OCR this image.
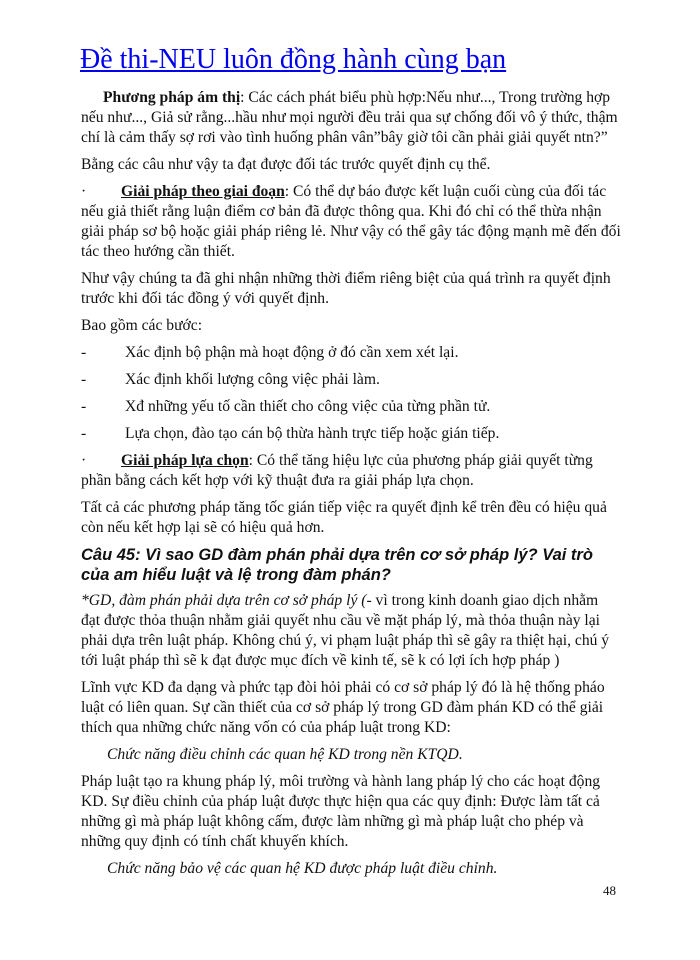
Đề thi-NEU luôn đồng hành cùng bạn

Phương pháp ám thị: Các cách phát biểu phù hợp:Nếu như..., Trong trường hợp nếu như..., Giả sử rằng...hầu như mọi người đều trải qua sự chống đối vô ý thức, thậm chí là cảm thấy sợ rơi vào tình huống phân vân”bây giờ tôi cần phải giải quyết ntn?”

Bằng các câu như vậy ta đạt được đối tác trước quyết định cụ thể.

· Giải pháp theo giai đoạn: Có thể dự báo được kết luận cuối cùng của đối tác nếu giả thiết rằng luận điểm cơ bản đã được thông qua. Khi đó chỉ có thể thừa nhận giải pháp sơ bộ hoặc giải pháp riêng lẻ. Như vậy có thể gây tác động mạnh mẽ đến đối tác theo hướng cần thiết.

Như vậy chúng ta đã ghi nhận những thời điểm riêng biệt của quá trình ra quyết định trước khi đối tác đồng ý với quyết định.

Bao gồm các bước:

-	Xác định bộ phận mà hoạt động ở đó cần xem xét lại.
-	Xác định khối lượng công việc phải làm.
-	Xđ những yếu tố cần thiết cho công việc của từng phần tử.
-	Lựa chọn, đào tạo cán bộ thừa hành trực tiếp hoặc gián tiếp.

· Giải pháp lựa chọn: Có thể tăng hiệu lực của phương pháp giải quyết từng phần bằng cách kết hợp với kỹ thuật đưa ra giải pháp lựa chọn.

Tất cả các phương pháp tăng tốc gián tiếp việc ra quyết định kể trên đều có hiệu quả còn nếu kết hợp lại sẽ có hiệu quả hơn.

Câu 45: Vì sao GD đàm phán phải dựa trên cơ sở pháp lý? Vai trò của am hiểu luật và lệ trong đàm phán?

*GD, đàm phán phải dựa trên cơ sở pháp lý (- vì trong kinh doanh giao dịch nhằm đạt được thỏa thuận nhằm giải quyết nhu cầu về mặt pháp lý, mà thỏa thuận này lại phải dựa trên luật pháp. Không chú ý, vi phạm luật pháp thì sẽ gây ra thiệt hại, chú ý tới luật pháp thì sẽ k đạt được mục đích về kinh tế, sẽ k có lợi ích hợp pháp )

Lĩnh vực KD đa dạng và phức tạp đòi hỏi phải có cơ sở pháp lý đó là hệ thống pháo luật có liên quan. Sự cần thiết của cơ sở pháp lý trong GD đàm phán KD có thể giải thích qua những chức năng vốn có của pháp luật trong KD:

Chức năng điều chỉnh các quan hệ KD trong nền KTQD.

Pháp luật tạo ra khung pháp lý, môi trường và hành lang pháp lý cho các hoạt động KD. Sự điều chỉnh của pháp luật được thực hiện qua các quy định: Được làm tất cả những gì mà pháp luật không cấm, được làm những gì mà pháp luật cho phép và những quy định có tính chất khuyến khích.

Chức năng bảo vệ các quan hệ KD được pháp luật điều chỉnh.

48
